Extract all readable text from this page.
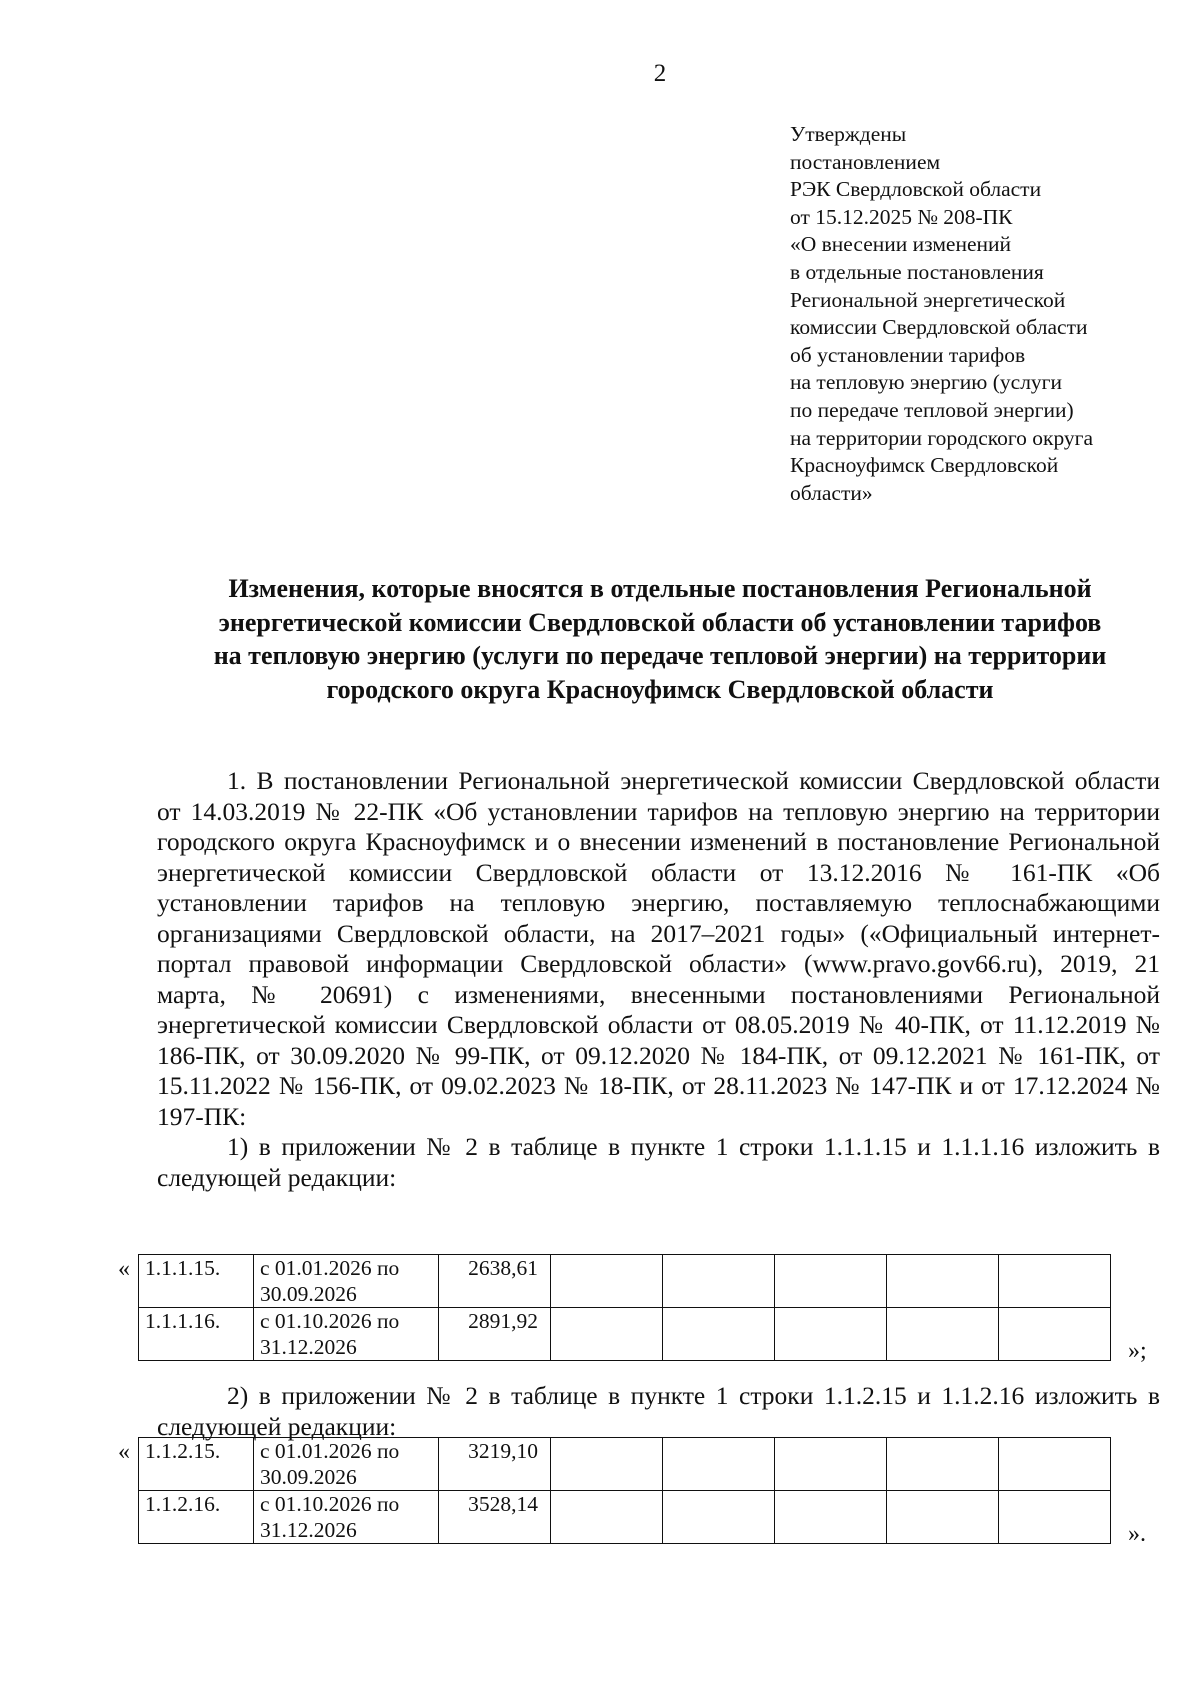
2
Утверждены
постановлением
РЭК Свердловской области
от 15.12.2025 № 208-ПК
«О внесении изменений
в отдельные постановления
Региональной энергетической
комиссии Свердловской области
об установлении тарифов
на тепловую энергию (услуги
по передаче тепловой энергии)
на территории городского округа
Красноуфимск Свердловской
области»
Изменения, которые вносятся в отдельные постановления Региональной
энергетической комиссии Свердловской области об установлении тарифов
на тепловую энергию (услуги по передаче тепловой энергии) на территории
городского округа Красноуфимск Свердловской области

1. В постановлении Региональной энергетической комиссии Свердловской области от 14.03.2019 № 22-ПК «Об установлении тарифов на тепловую энергию на территории городского округа Красноуфимск и о внесении изменений в постановление Региональной энергетической комиссии Свердловской области от 13.12.2016 № 161-ПК «Об установлении тарифов на тепловую энергию, поставляемую теплоснабжающими организациями Свердловской области, на 2017–2021 годы» («Официальный интернет-портал правовой информации Свердловской области» (www.pravo.gov66.ru), 2019, 21 марта, № 20691) с изменениями, внесенными постановлениями Региональной энергетической комиссии Свердловской области от 08.05.2019 № 40-ПК, от 11.12.2019 № 186-ПК, от 30.09.2020 № 99-ПК, от 09.12.2020 № 184-ПК, от 09.12.2021 № 161-ПК, от 15.11.2022 № 156-ПК, от 09.02.2023 № 18-ПК, от 28.11.2023 № 147-ПК и от 17.12.2024 № 197-ПК:

1) в приложении № 2 в таблице в пункте 1 строки 1.1.1.15 и 1.1.1.16 изложить в следующей редакции:

« 1.1.1.15.	с 01.01.2026 по 30.09.2026	2638,61					
1.1.1.16.	с 01.10.2026 по 31.12.2026	2891,92					
»;

2) в приложении № 2 в таблице в пункте 1 строки 1.1.2.15 и 1.1.2.16 изложить в следующей редакции:

« 1.1.2.15.	с 01.01.2026 по 30.09.2026	3219,10					
1.1.2.16.	с 01.10.2026 по 31.12.2026	3528,14					
».
